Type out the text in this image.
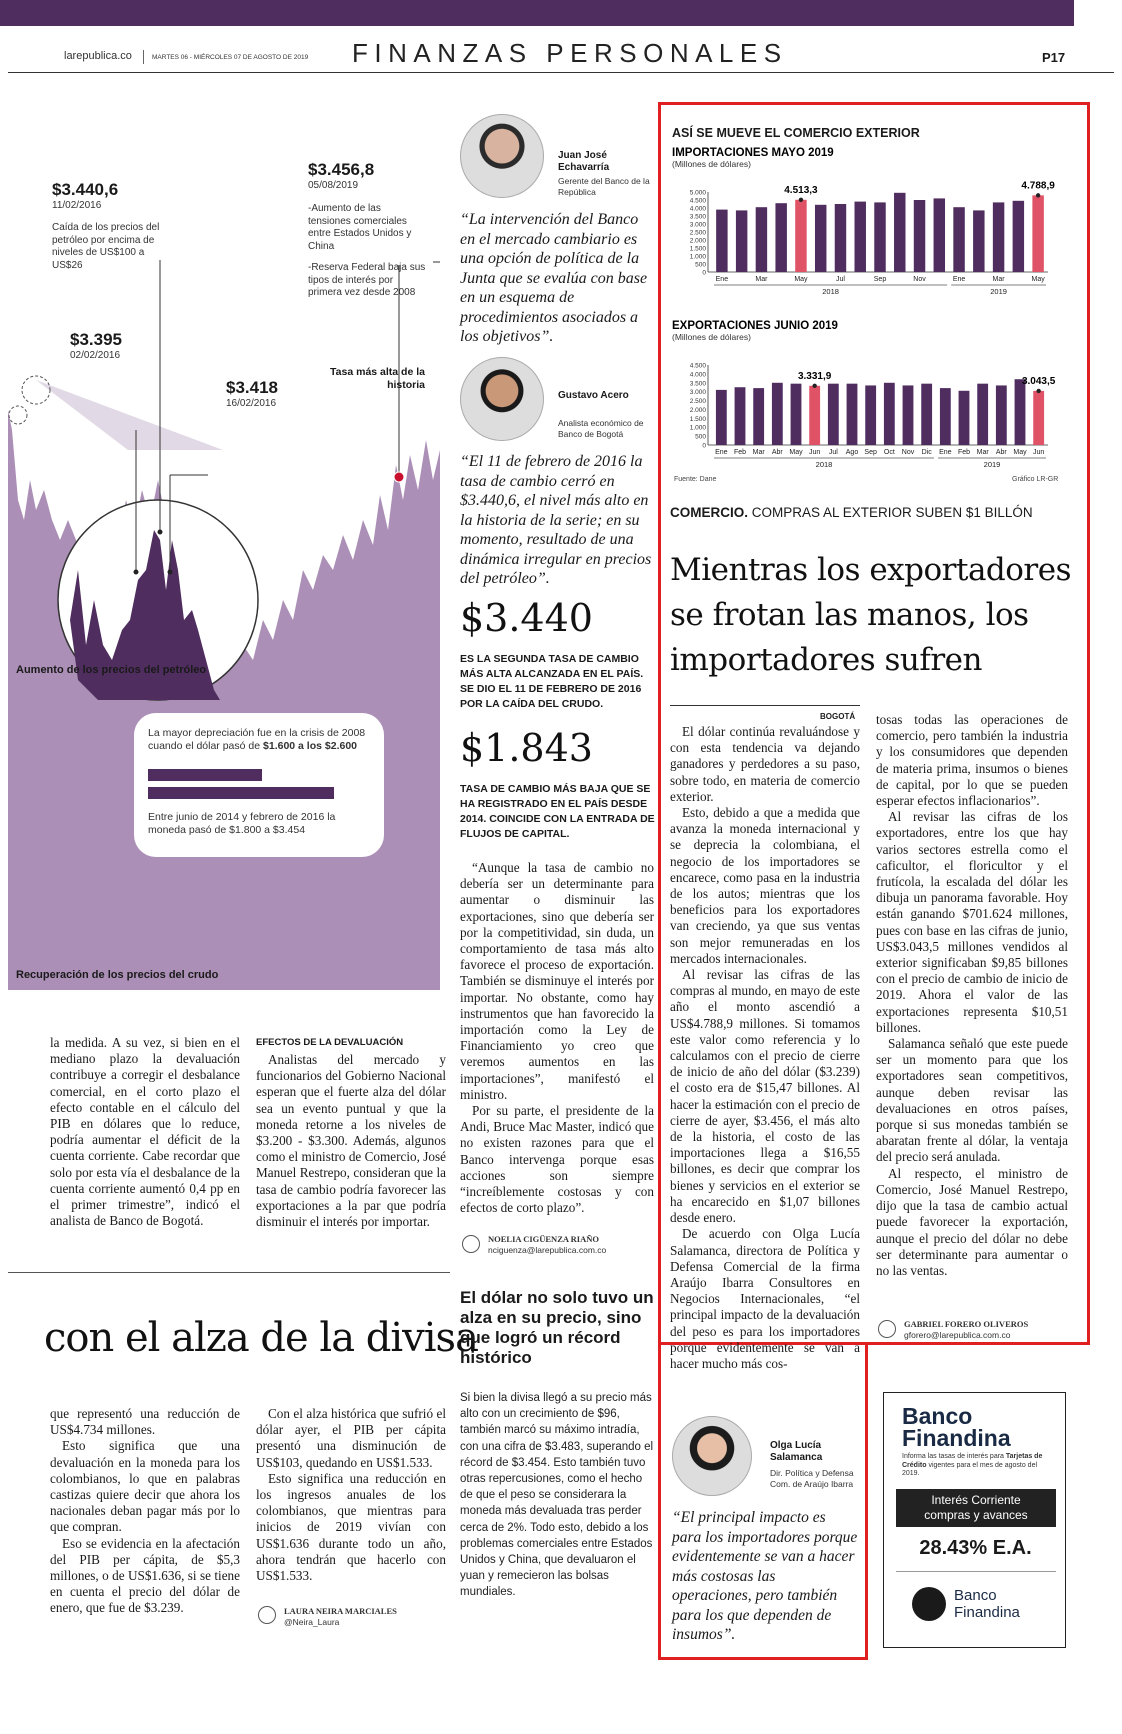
larepublica.co	MARTES 06 - MIÉRCOLES 07 DE AGOSTO DE 2019 FINANZAS PERSONALES	P17
$3.440,6
11/02/2016
Caída de los precios del petróleo por encima de niveles de US$100 a US$26
$3.456,8
05/08/2019
-Aumento de las tensiones comerciales entre Estados Unidos y China
-Reserva Federal baja sus tipos de interés por primera vez desde 2008
$3.395
02/02/2016
$3.418
16/02/2016
Tasa más alta de la historia
Aumento de los precios del petróleo
Recuperación de los precios del crudo
La mayor depreciación fue en la crisis de 2008 cuando el dólar pasó de $1.600 a los $2.600
Entre junio de 2014 y febrero de 2016 la moneda pasó de $1.800 a $3.454
Juan José Echavarría
Gerente del Banco de la República
“La intervención del Banco en el mercado cambiario es una opción de política de la Junta que se evalúa con base en un esquema de procedimientos asociados a los objetivos”.
Gustavo Acero
Analista económico de Banco de Bogotá
“El 11 de febrero de 2016 la tasa de cambio cerró en $3.440,6, el nivel más alto en la historia de la serie; en su momento, resultado de una dinámica irregular en precios del petróleo”.
$3.440
ES LA SEGUNDA TASA DE CAMBIO MÁS ALTA ALCANZADA EN EL PAÍS. SE DIO EL 11 DE FEBRERO DE 2016 POR LA CAÍDA DEL CRUDO.
$1.843
TASA DE CAMBIO MÁS BAJA QUE SE HA REGISTRADO EN EL PAÍS DESDE 2014. COINCIDE CON LA ENTRADA DE FLUJOS DE CAPITAL.

“Aunque la tasa de cambio no debería ser un determinante para aumentar o disminuir las exportaciones, sino que debería ser por la competitividad, sin duda, un comportamiento de tasa más alto favorece el proceso de exportación. También se disminuye el interés por importar. No obstante, como hay instrumentos que han favorecido la importación como la Ley de Financiamiento yo creo que veremos aumentos en las importaciones”, manifestó el ministro.

Por su parte, el presidente de la Andi, Bruce Mac Master, indicó que no existen razones para que el Banco intervenga porque esas acciones son siempre “increíblemente costosas y con efectos de corto plazo”.

NOELIA CIGÜENZA RIAÑO
nciguenza@larepublica.com.co

la medida. A su vez, si bien en el mediano plazo la devaluación contribuye a corregir el desbalance comercial, en el corto plazo el efecto contable en el cálculo del PIB en dólares que lo reduce, podría aumentar el déficit de la cuenta corriente. Cabe recordar que solo por esta vía el desbalance de la cuenta corriente aumentó 0,4 pp en el primer trimestre”, indicó el analista de Banco de Bogotá.

EFECTOS DE LA DEVALUACIÓN

Analistas del mercado y funcionarios del Gobierno Nacional esperan que el fuerte alza del dólar sea un evento puntual y que la moneda retorne a los niveles de $3.200 - $3.300. Además, algunos como el ministro de Comercio, José Manuel Restrepo, consideran que la tasa de cambio podría favorecer las exportaciones a la par que podría disminuir el interés por importar.

con el alza de la divisa

que representó una reducción de US$4.734 millones.

Esto significa que una devaluación en la moneda para los colombianos, lo que en palabras castizas quiere decir que ahora los nacionales deban pagar más por lo que compran.

Eso se evidencia en la afectación del PIB per cápita, de $5,3 millones, o de US$1.636, si se tiene en cuenta el precio del dólar de enero, que fue de $3.239.

Con el alza histórica que sufrió el dólar ayer, el PIB per cápita presentó una disminución de US$103, quedando en US$1.533.

Esto significa una reducción en los ingresos anuales de los colombianos, que mientras para inicios de 2019 vivían con US$1.636 durante todo un año, ahora tendrán que hacerlo con US$1.533.

LAURA NEIRA MARCIALES
@Neira_Laura
El dólar no solo tuvo un alza en su precio, sino que logró un récord histórico
Si bien la divisa llegó a su precio más alto con un crecimiento de $96, también marcó su máximo intradía, con una cifra de $3.483, superando el récord de $3.454. Esto también tuvo otras repercusiones, como el hecho de que el peso se considerara la moneda más devaluada tras perder cerca de 2%. Todo esto, debido a los problemas comerciales entre Estados Unidos y China, que devaluaron el yuan y remecieron las bolsas mundiales.
ASÍ SE MUEVE EL COMERCIO EXTERIOR
IMPORTACIONES MAYO 2019
(Millones de dólares)
5.000
4.500
4.000
3.500
3.000
2.500
2.000
1.500
1.000
500
0
Ene	Mar	May
4.513,3
Jul	Sep	Nov	Ene	Mar	May
4.788,9
2018	2019
EXPORTACIONES JUNIO 2019
(Millones de dólares)
4.500
4.000
3.500
3.000
2.500
2.000
1.500
1.000
500
0
Ene Feb Mar Abr May Jun
3.331,9
Jul Ago Sep Oct Nov Dic Ene Feb Mar Abr May Jun
3.043,5
2018	2019
Fuente: Dane	Gráfico LR-GR
COMERCIO. COMPRAS AL EXTERIOR SUBEN $1 BILLÓN
Mientras los exportadores se frotan las manos, los importadores sufren
BOGOTÁ

El dólar continúa revaluándose y con esta tendencia va dejando ganadores y perdedores a su paso, sobre todo, en materia de comercio exterior.

Esto, debido a que a medida que avanza la moneda internacional y se deprecia la colombiana, el negocio de los importadores se encarece, como pasa en la industria de los autos; mientras que los beneficios para los exportadores van creciendo, ya que sus ventas son mejor remuneradas en los mercados internacionales.

Al revisar las cifras de las compras al mundo, en mayo de este año el monto ascendió a US$4.788,9 millones. Si tomamos este valor como referencia y lo calculamos con el precio de cierre de inicio de año del dólar ($3.239) el costo era de $15,47 billones. Al hacer la estimación con el precio de cierre de ayer, $3.456, el más alto de la historia, el costo de las importaciones llega a $16,55 billones, es decir que comprar los bienes y servicios en el exterior se ha encarecido en $1,07 billones desde enero.

De acuerdo con Olga Lucía Salamanca, directora de Política y Defensa Comercial de la firma Araújo Ibarra Consultores en Negocios Internacionales, “el principal impacto de la devaluación del peso es para los importadores porque evidentemente se van a hacer mucho más cos-

tosas todas las operaciones de comercio, pero también la industria y los consumidores que dependen de materia prima, insumos o bienes de capital, por lo que se pueden esperar efectos inflacionarios”.

Al revisar las cifras de los exportadores, entre los que hay varios sectores estrella como el caficultor, el floricultor y el frutícola, la escalada del dólar les dibuja un panorama favorable. Hoy están ganando $701.624 millones, pues con base en las cifras de junio, US$3.043,5 millones vendidos al exterior significaban $9,85 billones con el precio de cambio de inicio de 2019. Ahora el valor de las exportaciones representa $10,51 billones.

Salamanca señaló que este puede ser un momento para que los exportadores sean competitivos, aunque deben revisar las devaluaciones en otros países, porque si sus monedas también se abaratan frente al dólar, la ventaja del precio será anulada.

Al respecto, el ministro de Comercio, José Manuel Restrepo, dijo que la tasa de cambio actual puede favorecer la exportación, aunque el precio del dólar no debe ser determinante para aumentar o no las ventas.

GABRIEL FORERO OLIVEROS
gforero@larepublica.com.co
Olga Lucía Salamanca
Dir. Política y Defensa Com. de Araújo Ibarra
“El principal impacto es para los importadores porque evidentemente se van a hacer más costosas las operaciones, pero también para los que dependen de insumos”.
Banco
Finandina
Informa las tasas de interés para Tarjetas de Crédito vigentes para el mes de agosto del 2019.
Interés Corriente
compras y avances
28.43% E.A.
Banco
Finandina
